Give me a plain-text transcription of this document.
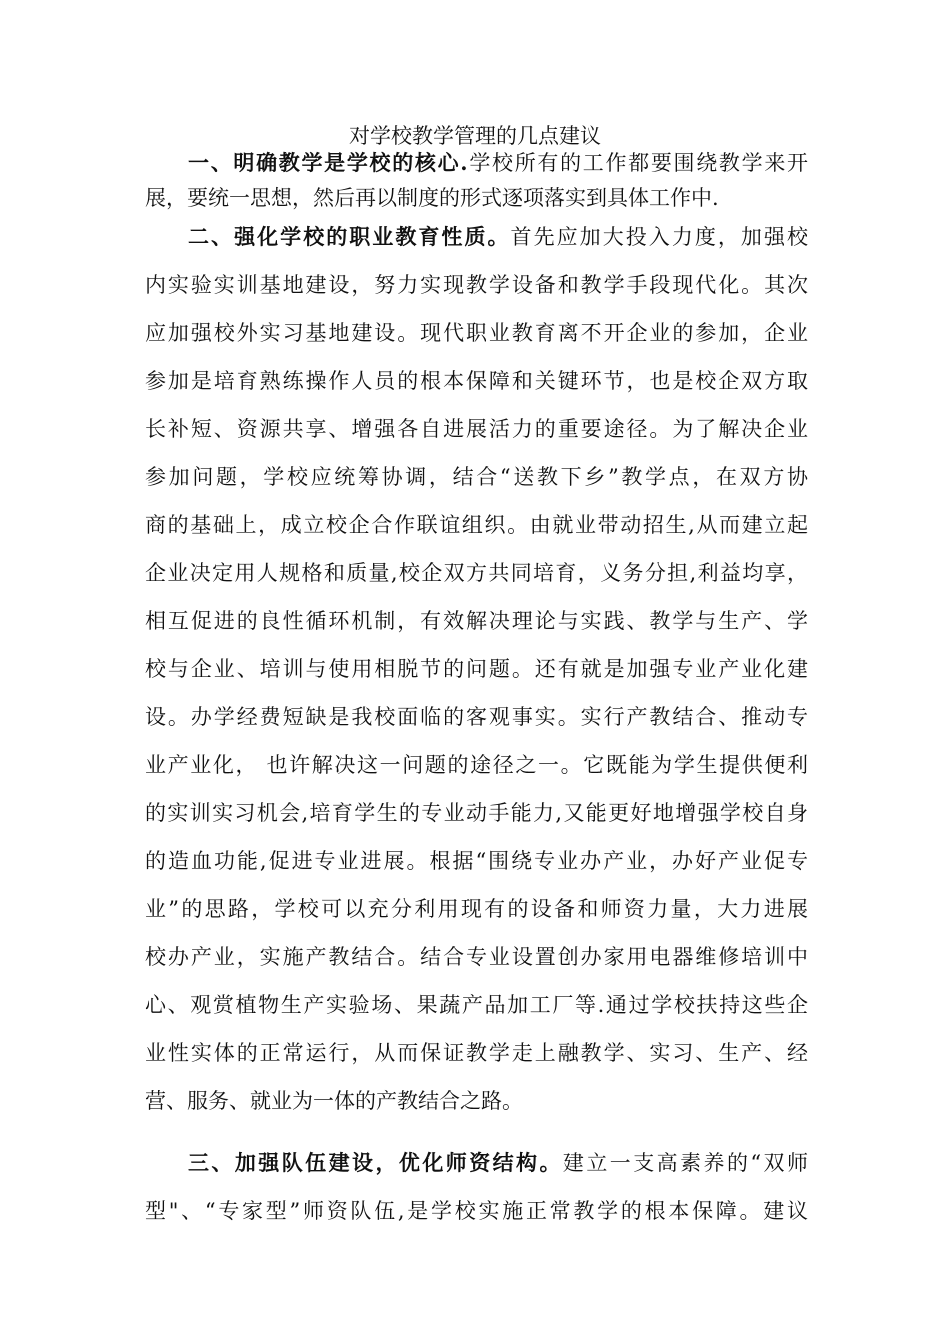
对学校教学管理的几点建议
一、明确教学是学校的核心.学校所有的工作都要围绕教学来开
展，要统一思想，然后再以制度的形式逐项落实到具体工作中.
二、强化学校的职业教育性质。首先应加大投入力度，加强校
内实验实训基地建设，努力实现教学设备和教学手段现代化。其次
应加强校外实习基地建设。现代职业教育离不开企业的参加，企业
参加是培育熟练操作人员的根本保障和关键环节，也是校企双方取
长补短、资源共享、增强各自进展活力的重要途径。为了解决企业
参加问题，学校应统筹协调，结合“送教下乡”教学点，在双方协
商的基础上，成立校企合作联谊组织。由就业带动招生,从而建立起
企业决定用人规格和质量,校企双方共同培育，义务分担,利益均享，
相互促进的良性循环机制，有效解决理论与实践、教学与生产、学
校与企业、培训与使用相脱节的问题。还有就是加强专业产业化建
设。办学经费短缺是我校面临的客观事实。实行产教结合、推动专
业产业化， 也许解决这一问题的途径之一。它既能为学生提供便利
的实训实习机会,培育学生的专业动手能力,又能更好地增强学校自身
的造血功能,促进专业进展。根据“围绕专业办产业，办好产业促专
业”的思路，学校可以充分利用现有的设备和师资力量，大力进展
校办产业，实施产教结合。结合专业设置创办家用电器维修培训中
心、观赏植物生产实验场、果蔬产品加工厂等.通过学校扶持这些企
业性实体的正常运行，从而保证教学走上融教学、实习、生产、经
营、服务、就业为一体的产教结合之路。
三、加强队伍建设，优化师资结构。建立一支高素养的“双师
型"、“专家型”师资队伍,是学校实施正常教学的根本保障。建议
